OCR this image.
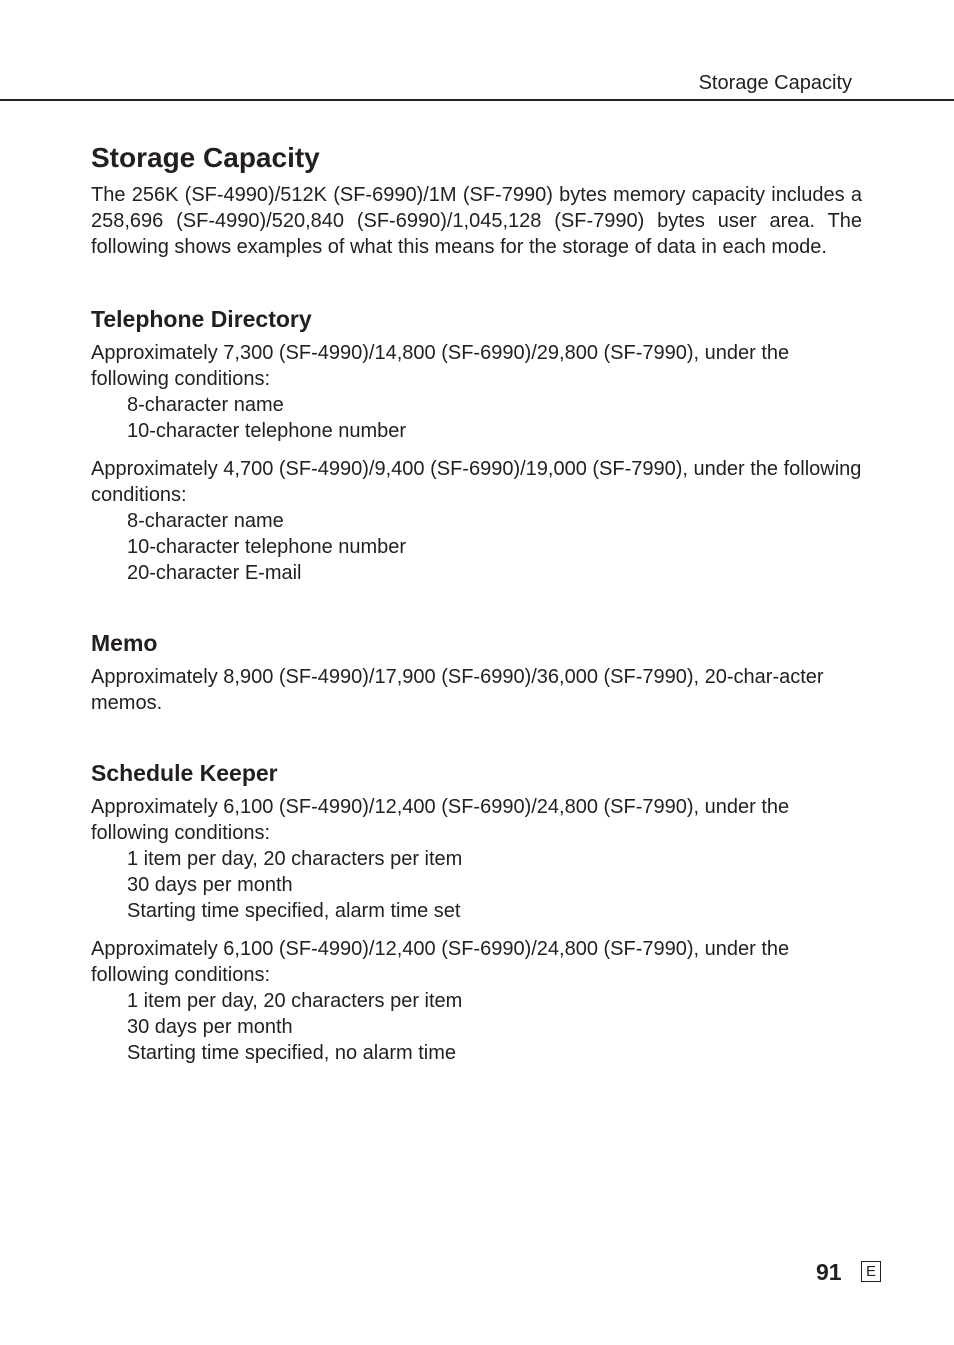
Storage Capacity
Storage Capacity

The 256K (SF-4990)/512K (SF-6990)/1M (SF-7990) bytes memory capacity includes a 258,696 (SF-4990)/520,840 (SF-6990)/1,045,128 (SF-7990) bytes user area. The following shows examples of what this means for the storage of data in each mode.

Telephone Directory
Approximately 7,300 (SF-4990)/14,800 (SF-6990)/29,800 (SF-7990), under the following conditions:
8-character name
10-character telephone number
Approximately 4,700 (SF-4990)/9,400 (SF-6990)/19,000 (SF-7990), under the following conditions:
8-character name
10-character telephone number
20-character E-mail
Memo

Approximately 8,900 (SF-4990)/17,900 (SF-6990)/36,000 (SF-7990), 20-char-acter memos.

Schedule Keeper
Approximately 6,100 (SF-4990)/12,400 (SF-6990)/24,800 (SF-7990), under the following conditions:
1 item per day, 20 characters per item
30 days per month
Starting time specified, alarm time set
Approximately 6,100 (SF-4990)/12,400 (SF-6990)/24,800 (SF-7990), under the following conditions:
1 item per day, 20 characters per item
30 days per month
Starting time specified, no alarm time
91	E
